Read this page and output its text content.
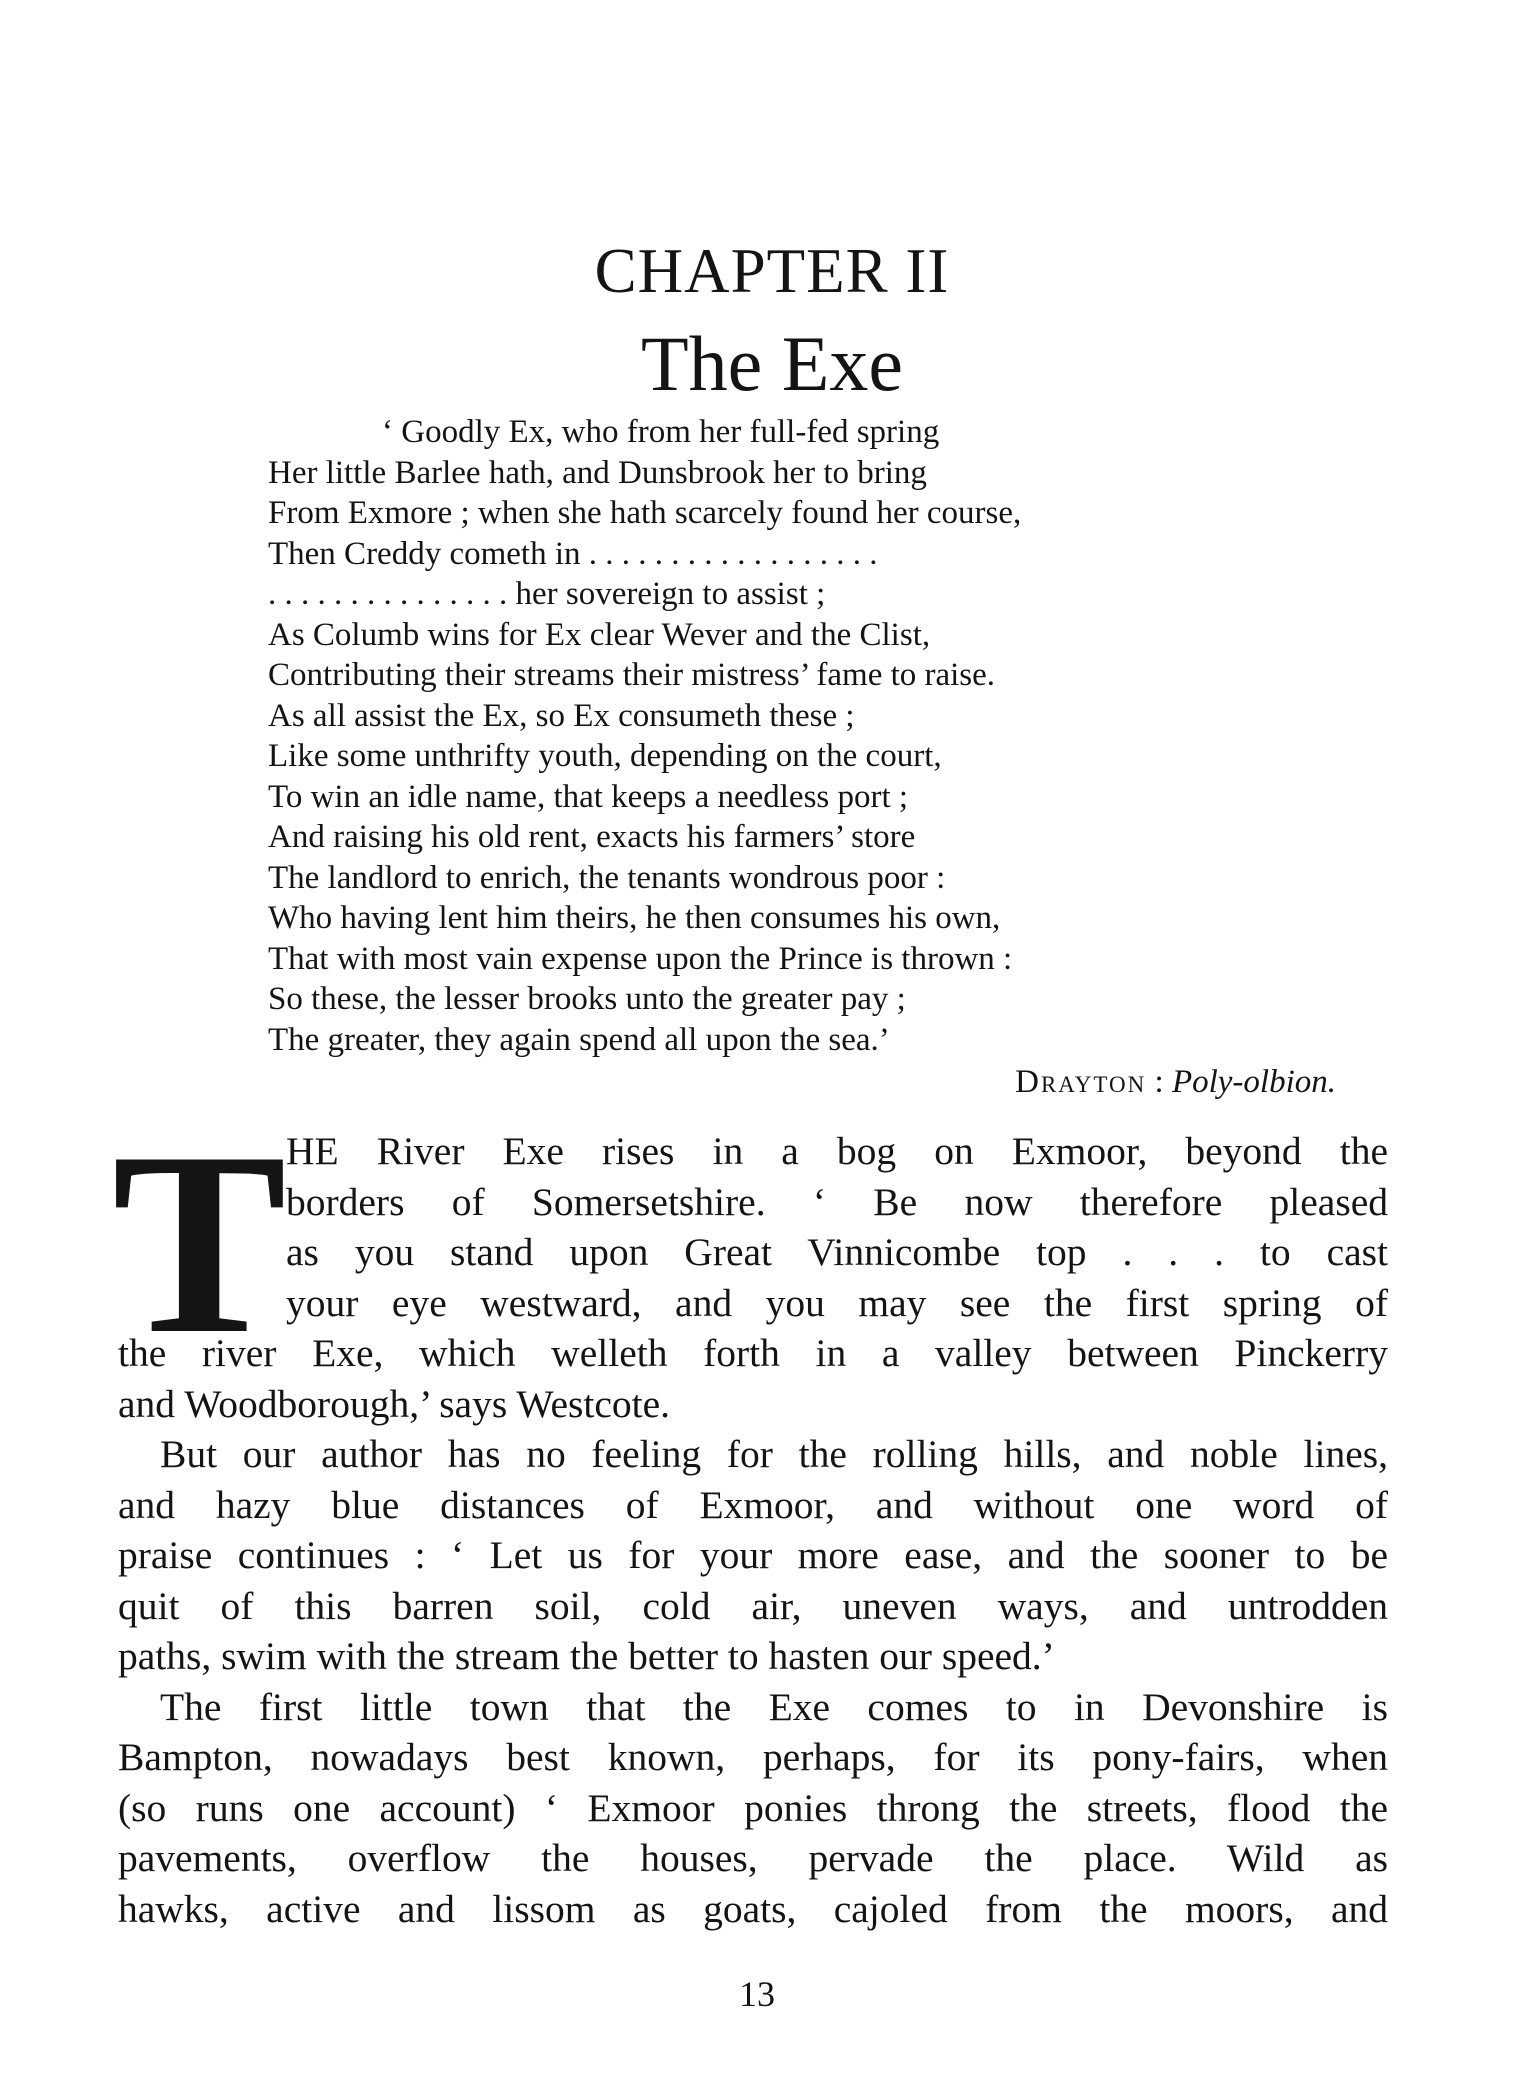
CHAPTER II
The Exe
‘ Goodly Ex, who from her full-fed spring
Her little Barlee hath, and Dunsbrook her to bring
From Exmore ; when she hath scarcely found her course,
Then Creddy cometh in . . . . . . . . . . . . . . . . . .
. . . . . . . . . . . . . . . her sovereign to assist ;
As Columb wins for Ex clear Wever and the Clist,
Contributing their streams their mistress’ fame to raise.
As all assist the Ex, so Ex consumeth these ;
Like some unthrifty youth, depending on the court,
To win an idle name, that keeps a needless port ;
And raising his old rent, exacts his farmers’ store
The landlord to enrich, the tenants wondrous poor :
Who having lent him theirs, he then consumes his own,
That with most vain expense upon the Prince is thrown :
So these, the lesser brooks unto the greater pay ;
The greater, they again spend all upon the sea.’
Drayton : Poly-olbion.
T HE River Exe rises in a bog on Exmoor, beyond the
borders of Somersetshire. ‘ Be now therefore pleased
as you stand upon Great Vinnicombe top . . . to cast
your eye westward, and you may see the first spring of
the river Exe, which welleth forth in a valley between Pinckerry
and Woodborough,’ says Westcote.

But our author has no feeling for the rolling hills, and noble lines,
and hazy blue distances of Exmoor, and without one word of
praise continues : ‘ Let us for your more ease, and the sooner to be
quit of this barren soil, cold air, uneven ways, and untrodden
paths, swim with the stream the better to hasten our speed.’

The first little town that the Exe comes to in Devonshire is
Bampton, nowadays best known, perhaps, for its pony-fairs, when
(so runs one account) ‘ Exmoor ponies throng the streets, flood the
pavements, overflow the houses, pervade the place. Wild as
hawks, active and lissom as goats, cajoled from the moors, and

13
